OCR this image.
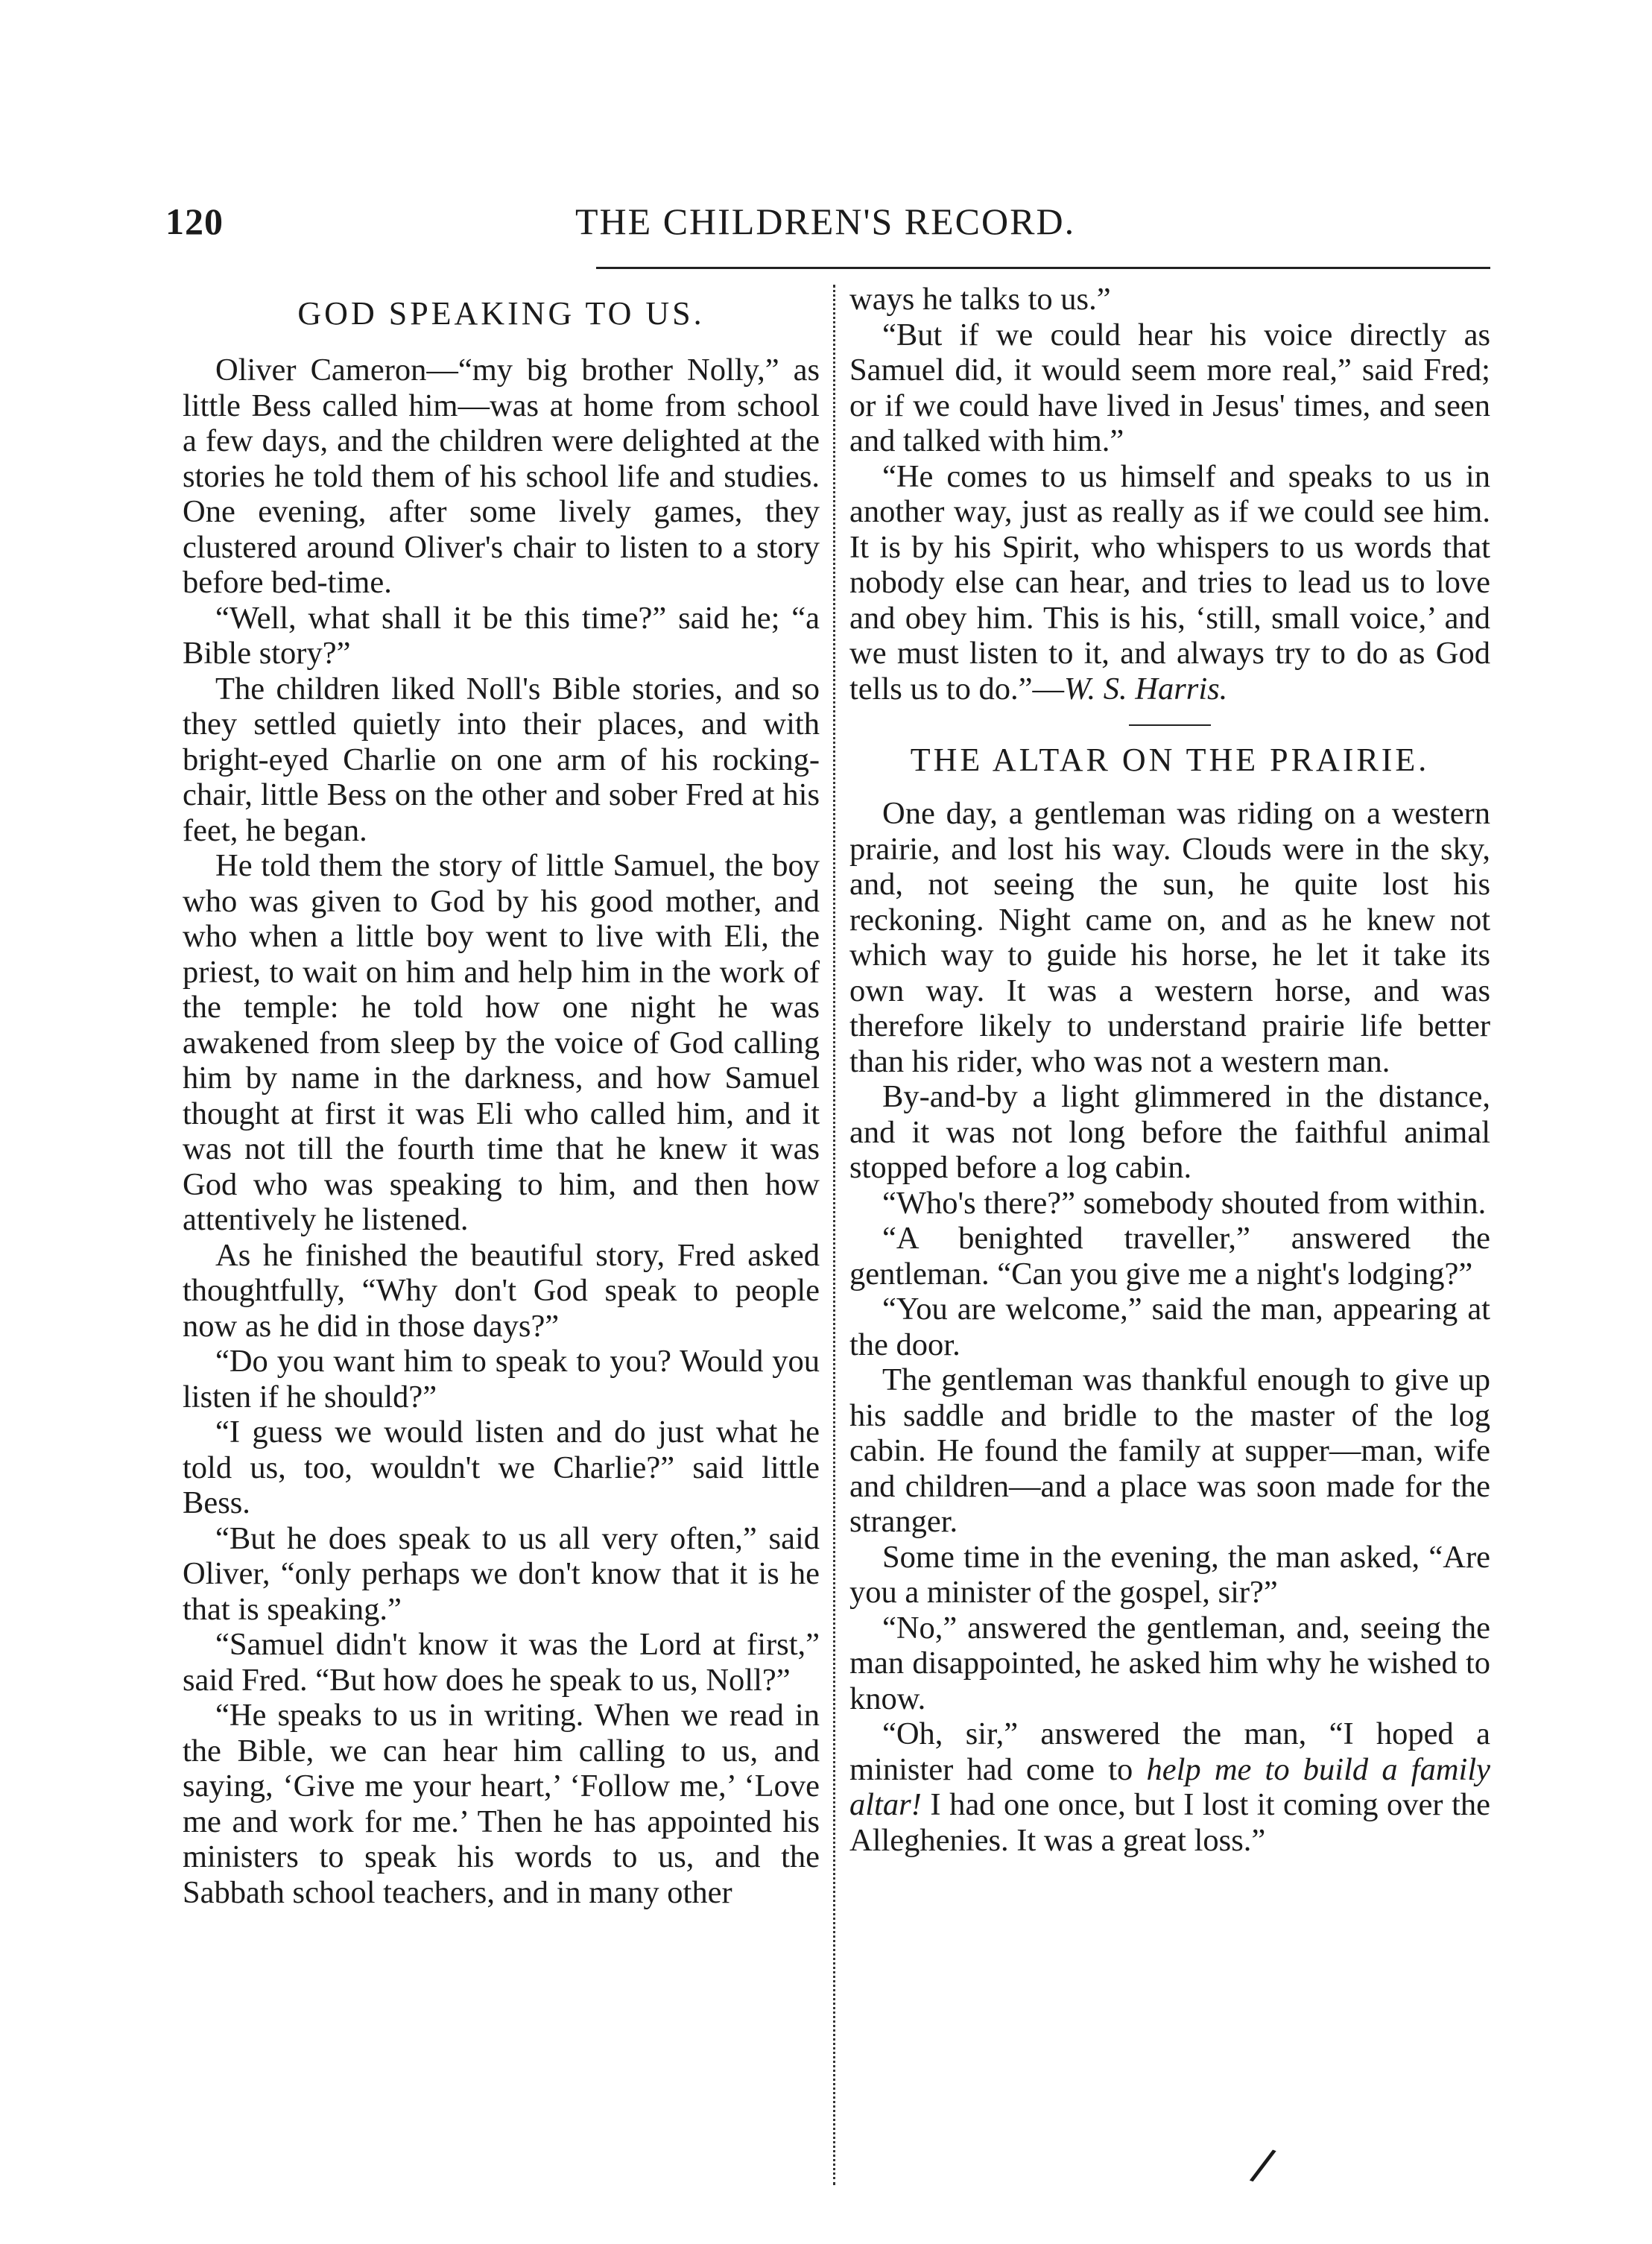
120	THE CHILDREN'S RECORD.
GOD SPEAKING TO US.

Oliver Cameron—“my big brother Nolly,” as little Bess called him—was at home from school a few days, and the children were delighted at the stories he told them of his school life and studies. One evening, after some lively games, they clustered around Oliver's chair to listen to a story before bed-time.

“Well, what shall it be this time?” said he; “a Bible story?”

The children liked Noll's Bible stories, and so they settled quietly into their places, and with bright-eyed Charlie on one arm of his rocking-chair, little Bess on the other and sober Fred at his feet, he began.

He told them the story of little Samuel, the boy who was given to God by his good mother, and who when a little boy went to live with Eli, the priest, to wait on him and help him in the work of the temple: he told how one night he was awakened from sleep by the voice of God calling him by name in the darkness, and how Samuel thought at first it was Eli who called him, and it was not till the fourth time that he knew it was God who was speaking to him, and then how attentively he listened.

As he finished the beautiful story, Fred asked thoughtfully, “Why don't God speak to people now as he did in those days?”

“Do you want him to speak to you? Would you listen if he should?”

“I guess we would listen and do just what he told us, too, wouldn't we Charlie?” said little Bess.

“But he does speak to us all very often,” said Oliver, “only perhaps we don't know that it is he that is speaking.”

“Samuel didn't know it was the Lord at first,” said Fred. “But how does he speak to us, Noll?”

“He speaks to us in writing. When we read in the Bible, we can hear him calling to us, and saying, ‘Give me your heart,’ ‘Follow me,’ ‘Love me and work for me.’ Then he has appointed his ministers to speak his words to us, and the Sabbath school teachers, and in many other

ways he talks to us.”

“But if we could hear his voice directly as Samuel did, it would seem more real,” said Fred; or if we could have lived in Jesus' times, and seen and talked with him.”

“He comes to us himself and speaks to us in another way, just as really as if we could see him. It is by his Spirit, who whispers to us words that nobody else can hear, and tries to lead us to love and obey him. This is his, ‘still, small voice,’ and we must listen to it, and always try to do as God tells us to do.”—W. S. Harris.

THE ALTAR ON THE PRAIRIE.

One day, a gentleman was riding on a western prairie, and lost his way. Clouds were in the sky, and, not seeing the sun, he quite lost his reckoning. Night came on, and as he knew not which way to guide his horse, he let it take its own way. It was a western horse, and was therefore likely to understand prairie life better than his rider, who was not a western man.

By-and-by a light glimmered in the distance, and it was not long before the faithful animal stopped before a log cabin.

“Who's there?” somebody shouted from within.

“A benighted traveller,” answered the gentleman. “Can you give me a night's lodging?”

“You are welcome,” said the man, appearing at the door.

The gentleman was thankful enough to give up his saddle and bridle to the master of the log cabin. He found the family at supper—man, wife and children—and a place was soon made for the stranger.

Some time in the evening, the man asked, “Are you a minister of the gospel, sir?”

“No,” answered the gentleman, and, seeing the man disappointed, he asked him why he wished to know.

“Oh, sir,” answered the man, “I hoped a minister had come to help me to build a family altar! I had one once, but I lost it coming over the Alleghenies. It was a great loss.”

/
